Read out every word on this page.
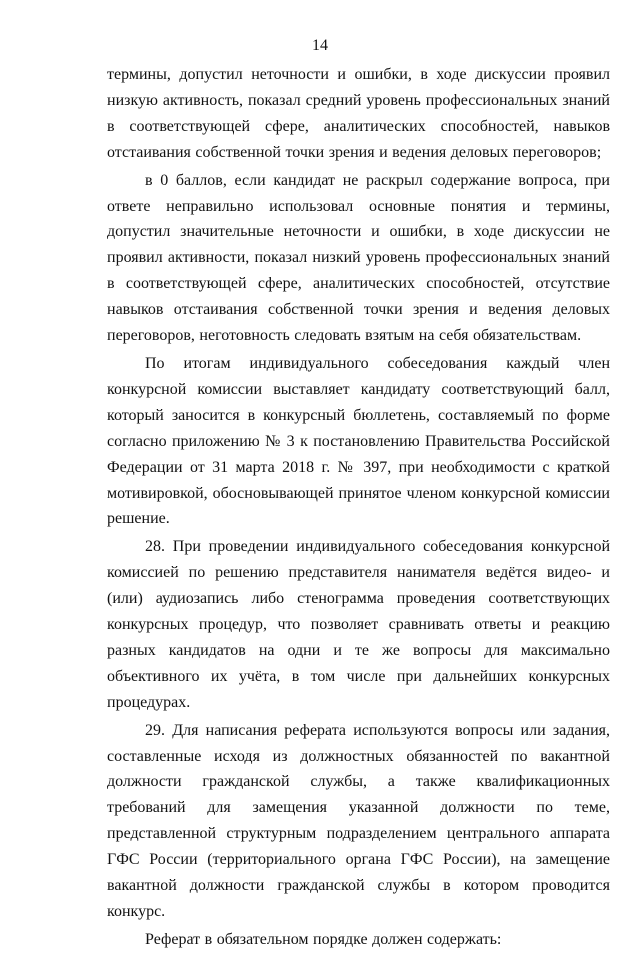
14

термины, допустил неточности и ошибки, в ходе дискуссии проявил низкую активность, показал средний уровень профессиональных знаний в соответствующей сфере, аналитических способностей, навыков отстаивания собственной точки зрения и ведения деловых переговоров;

в 0 баллов, если кандидат не раскрыл содержание вопроса, при ответе неправильно использовал основные понятия и термины, допустил значительные неточности и ошибки, в ходе дискуссии не проявил активности, показал низкий уровень профессиональных знаний в соответствующей сфере, аналитических способностей, отсутствие навыков отстаивания собственной точки зрения и ведения деловых переговоров, неготовность следовать взятым на себя обязательствам.

По итогам индивидуального собеседования каждый член конкурсной комиссии выставляет кандидату соответствующий балл, который заносится в конкурсный бюллетень, составляемый по форме согласно приложению № 3 к постановлению Правительства Российской Федерации от 31 марта 2018 г. № 397, при необходимости с краткой мотивировкой, обосновывающей принятое членом конкурсной комиссии решение.

28. При проведении индивидуального собеседования конкурсной комиссией по решению представителя нанимателя ведётся видео- и (или) аудиозапись либо стенограмма проведения соответствующих конкурсных процедур, что позволяет сравнивать ответы и реакцию разных кандидатов на одни и те же вопросы для максимально объективного их учёта, в том числе при дальнейших конкурсных процедурах.

29. Для написания реферата используются вопросы или задания, составленные исходя из должностных обязанностей по вакантной должности гражданской службы, а также квалификационных требований для замещения указанной должности по теме, представленной структурным подразделением центрального аппарата ГФС России (территориального органа ГФС России), на замещение вакантной должности гражданской службы в котором проводится конкурс.

Реферат в обязательном порядке должен содержать:
